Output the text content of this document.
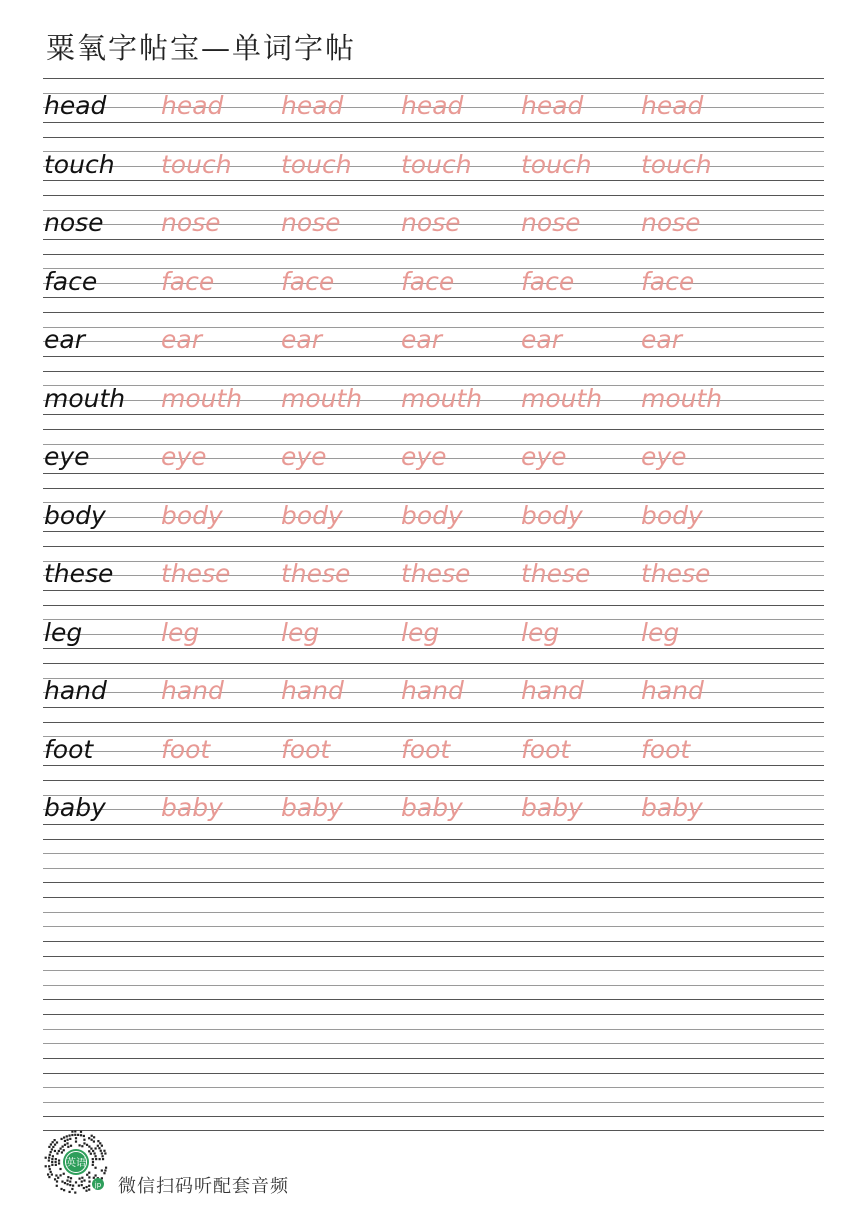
粟氧字帖宝—单词字帖
head head head head head head
touch touch touch touch touch touch
nose nose nose nose nose nose
face	face	face	face	face	face
ear	ear	ear	ear	ear	ear
mouth mouth mouth mouth mouth mouth
eye	eye	eye	eye	eye	eye
body body body body body body
these these these these these these
leg	leg	leg	leg	leg	leg
hand hand hand hand hand hand
foot	foot	foot	foot	foot	foot
baby baby baby baby baby baby
英语
jp 微信扫码听配套音频
